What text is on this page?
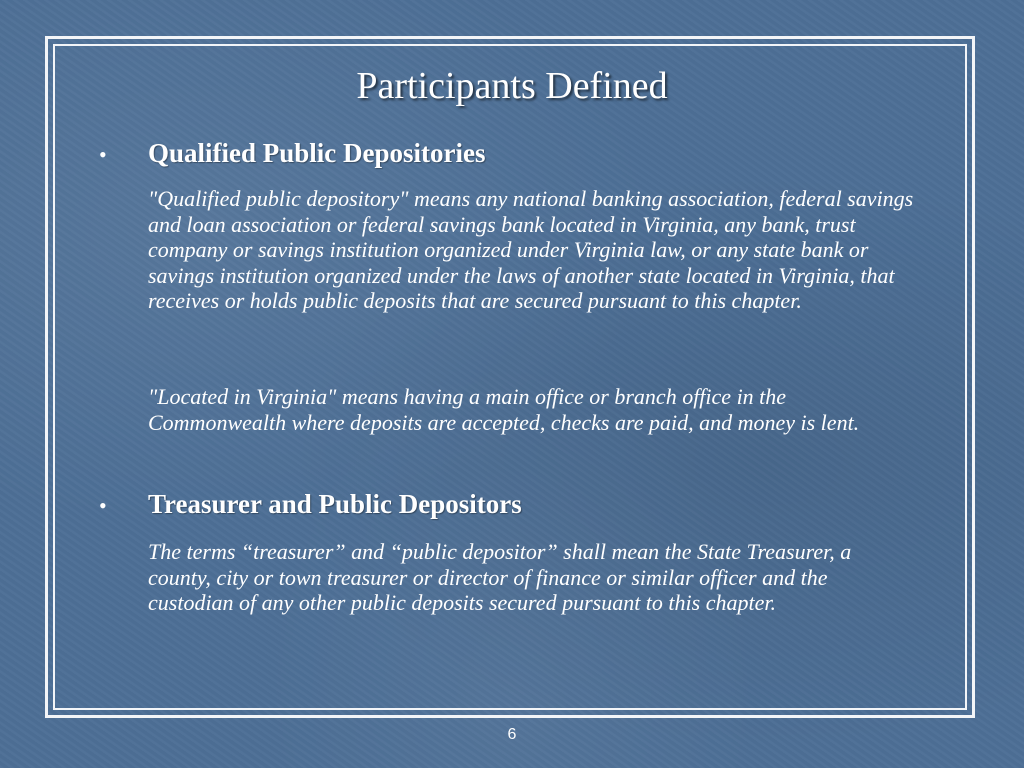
Participants Defined
•	Qualified Public Depositories

"Qualified public depository" means any national banking association, federal savings and loan association or federal savings bank located in Virginia, any bank, trust company or savings institution organized under Virginia law, or any state bank or savings institution organized under the laws of another state located in Virginia, that receives or holds public deposits that are secured pursuant to this chapter.

"Located in Virginia" means having a main office or branch office in the Commonwealth where deposits are accepted, checks are paid, and money is lent.

•	Treasurer and Public Depositors

The terms “treasurer” and “public depositor” shall mean the State Treasurer, a county, city or town treasurer or director of finance or similar officer and the custodian of any other public deposits secured pursuant to this chapter.

6
